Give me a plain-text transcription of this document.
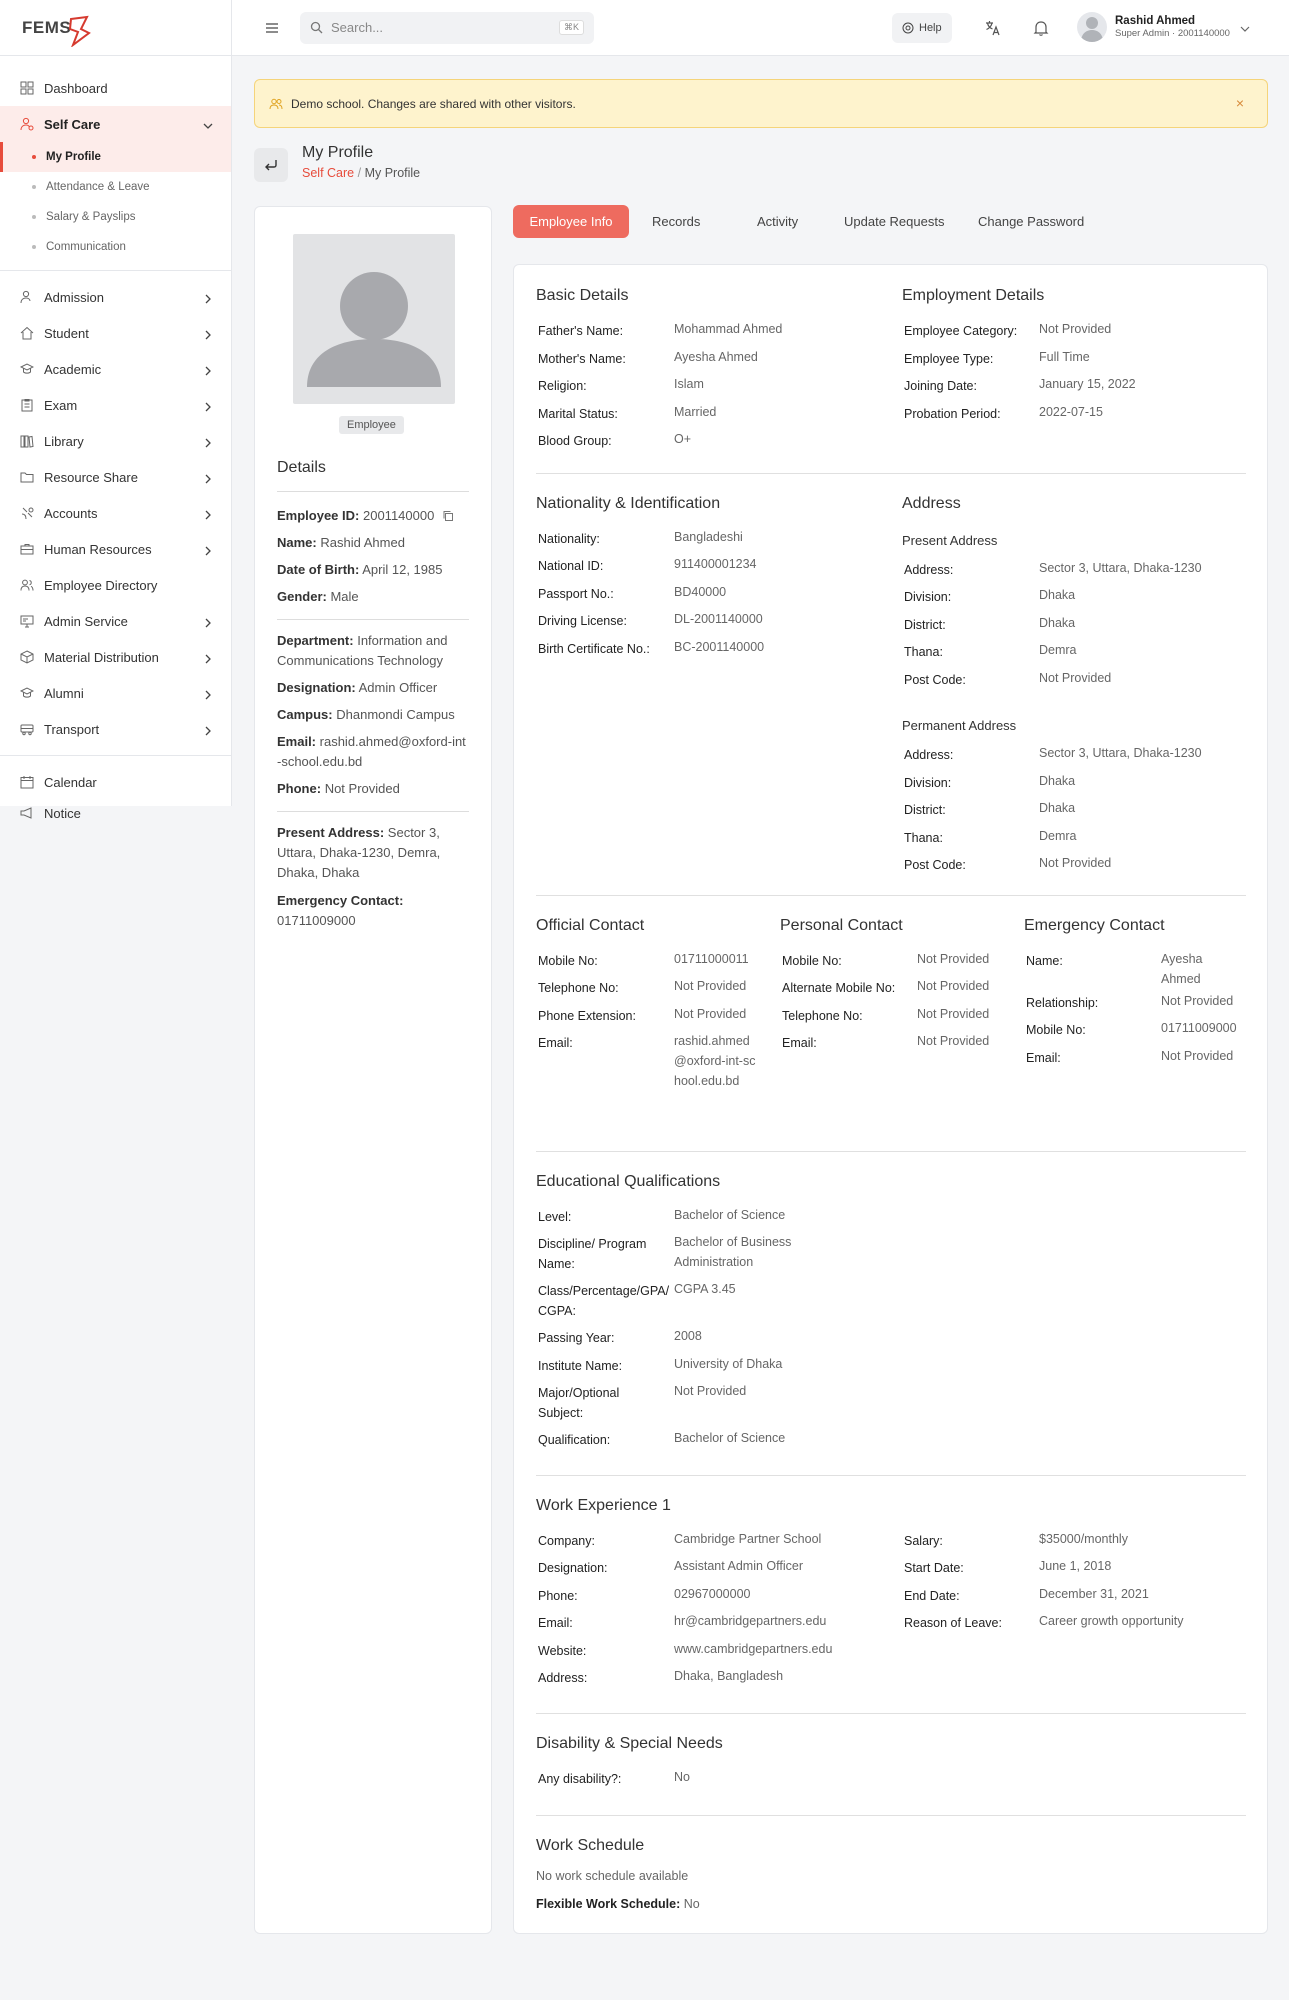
FEMS
Dashboard
Self Care
My Profile
Attendance & Leave
Salary & Payslips
Communication
Admission
Student
Academic
Exam
Library
Resource Share
Accounts
Human Resources
Employee Directory
Admin Service
Material Distribution
Alumni
Transport
Calendar
Notice
Search...
⌘K	Help
Rashid Ahmed
Super Admin · 2001140000
Demo school. Changes are shared with other visitors.	×
My Profile
Self Care / My Profile
Employee
Details
Employee ID: 2001140000
Name: Rashid Ahmed
Date of Birth: April 12, 1985
Gender: Male
Department: Information and Communications Technology
Designation: Admin Officer
Campus: Dhanmondi Campus
Email: rashid.ahmed@oxford-int-school.edu.bd
Phone: Not Provided
Present Address: Sector 3, Uttara, Dhaka-1230, Demra, Dhaka, Dhaka
Emergency Contact:
01711009000
Employee Info	Records	Activity	Update Requests	Change Password
Basic Details
Father's Name:	Mohammad Ahmed
Mother's Name:	Ayesha Ahmed
Religion:	Islam
Marital Status:	Married
Blood Group:	O+
Employment Details
Employee Category: Not Provided
Employee Type:	Full Time
Joining Date:	January 15, 2022
Probation Period:	2022-07-15
Nationality & Identification
Nationality:	Bangladeshi
National ID:	911400001234
Passport No.:	BD40000
Driving License:	DL-2001140000
Birth Certificate No.: BC-2001140000
Address
Present Address
Address:	Sector 3, Uttara, Dhaka-1230
Division:	Dhaka
District:	Dhaka
Thana:	Demra
Post Code:	Not Provided
Permanent Address
Address:	Sector 3, Uttara, Dhaka-1230
Division:	Dhaka
District:	Dhaka
Thana:	Demra
Post Code:	Not Provided
Official Contact
Mobile No:	01711000011
Telephone No:	Not Provided
Phone Extension:	Not Provided
Email:	rashid.ahmed@oxford-int-school.edu.bd
Personal Contact
Mobile No:	Not Provided
Alternate Mobile No: Not Provided
Telephone No:	Not Provided
Email:	Not Provided
Emergency Contact
Name:	Ayesha Ahmed
Relationship:	Not Provided
Mobile No:	01711009000
Email:	Not Provided
Educational Qualifications
Level:	Bachelor of Science
Discipline/ Program Name:
Bachelor of Business Administration
Class/Percentage/GPA/CGPA:
CGPA 3.45
Passing Year:	2008
Institute Name:	University of Dhaka
Major/Optional Subject:
Not Provided
Qualification:	Bachelor of Science
Work Experience 1
Company:	Cambridge Partner School
Designation:	Assistant Admin Officer
Phone:	02967000000
Email:	hr@cambridgepartners.edu
Website:	www.cambridgepartners.edu
Address:	Dhaka, Bangladesh
Salary:	$35000/monthly
Start Date:	June 1, 2018
End Date:	December 31, 2021
Reason of Leave:	Career growth opportunity
Disability & Special Needs
Any disability?:	No
Work Schedule
No work schedule available
Flexible Work Schedule: No
